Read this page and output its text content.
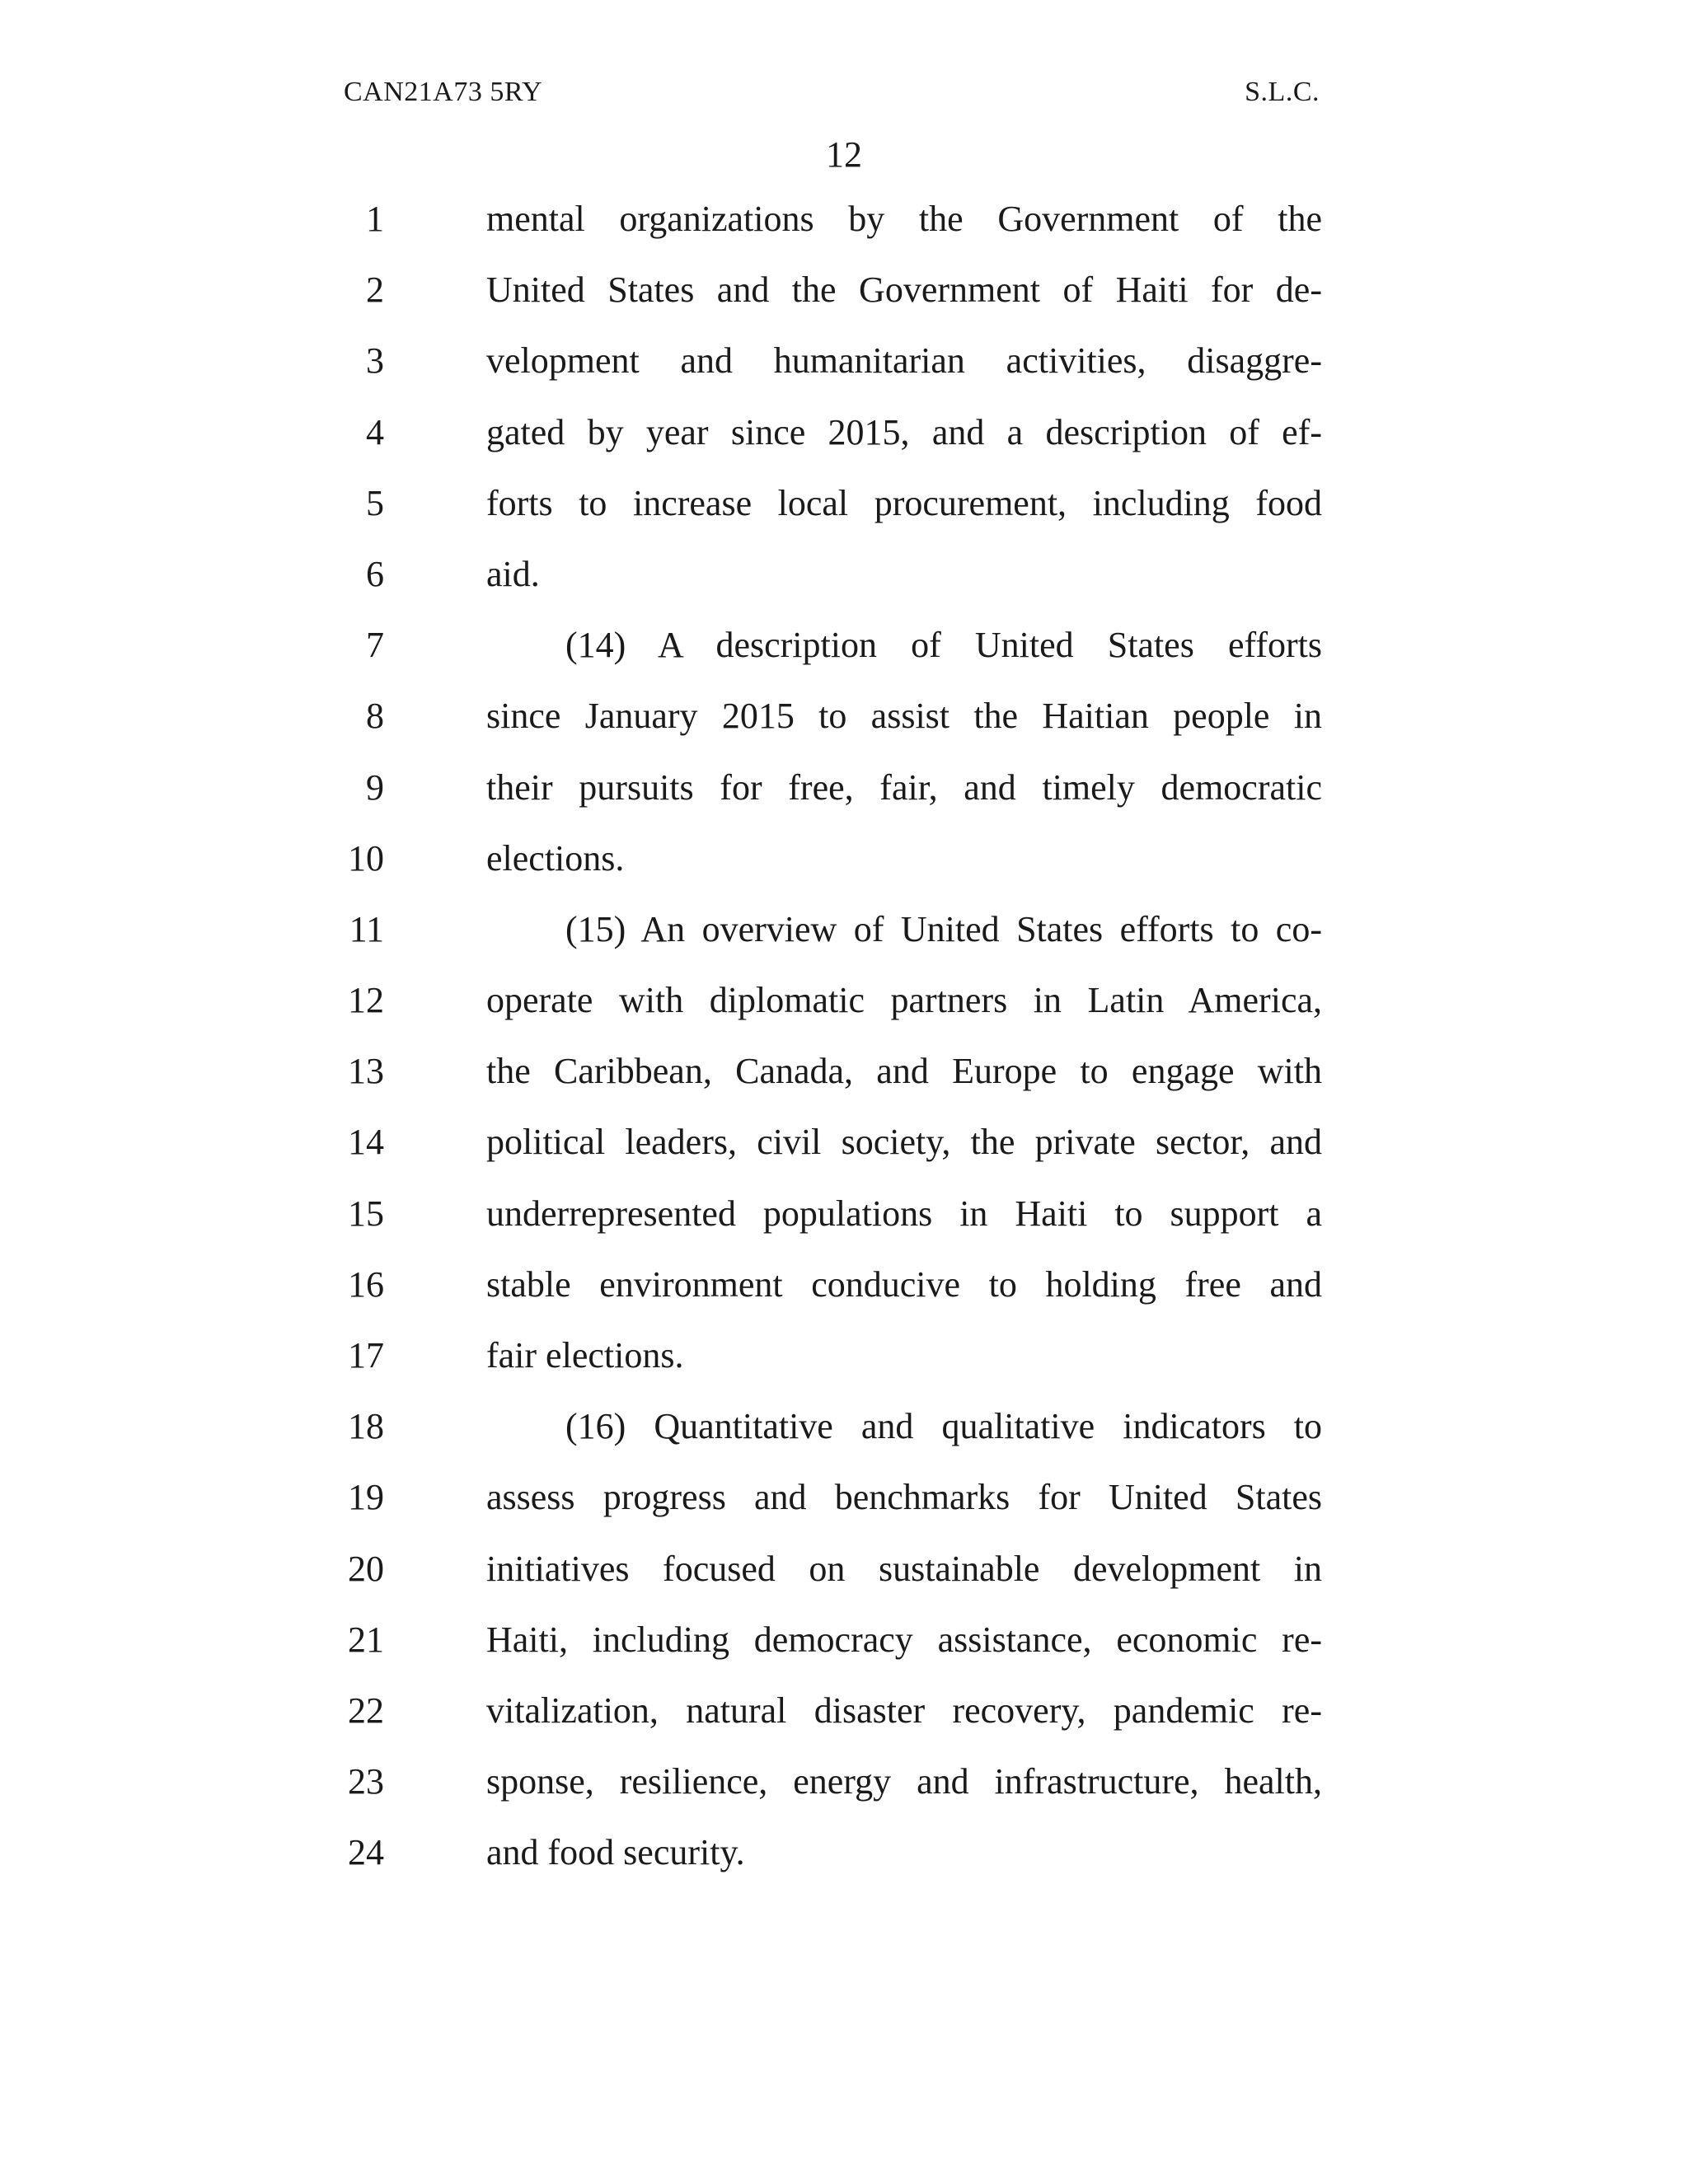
CAN21A73 5RY	S.L.C.
12
1	mental organizations by the Government of the
2	United States and the Government of Haiti for de-
3	velopment and humanitarian activities, disaggre-
4	gated by year since 2015, and a description of ef-
5	forts to increase local procurement, including food
6	aid.
7	(14) A description of United States efforts
8	since January 2015 to assist the Haitian people in
9	their pursuits for free, fair, and timely democratic
10	elections.
11	(15) An overview of United States efforts to co-
12	operate with diplomatic partners in Latin America,
13	the Caribbean, Canada, and Europe to engage with
14	political leaders, civil society, the private sector, and
15	underrepresented populations in Haiti to support a
16	stable environment conducive to holding free and
17	fair elections.
18	(16) Quantitative and qualitative indicators to
19	assess progress and benchmarks for United States
20	initiatives focused on sustainable development in
21	Haiti, including democracy assistance, economic re-
22	vitalization, natural disaster recovery, pandemic re-
23	sponse, resilience, energy and infrastructure, health,
24	and food security.
